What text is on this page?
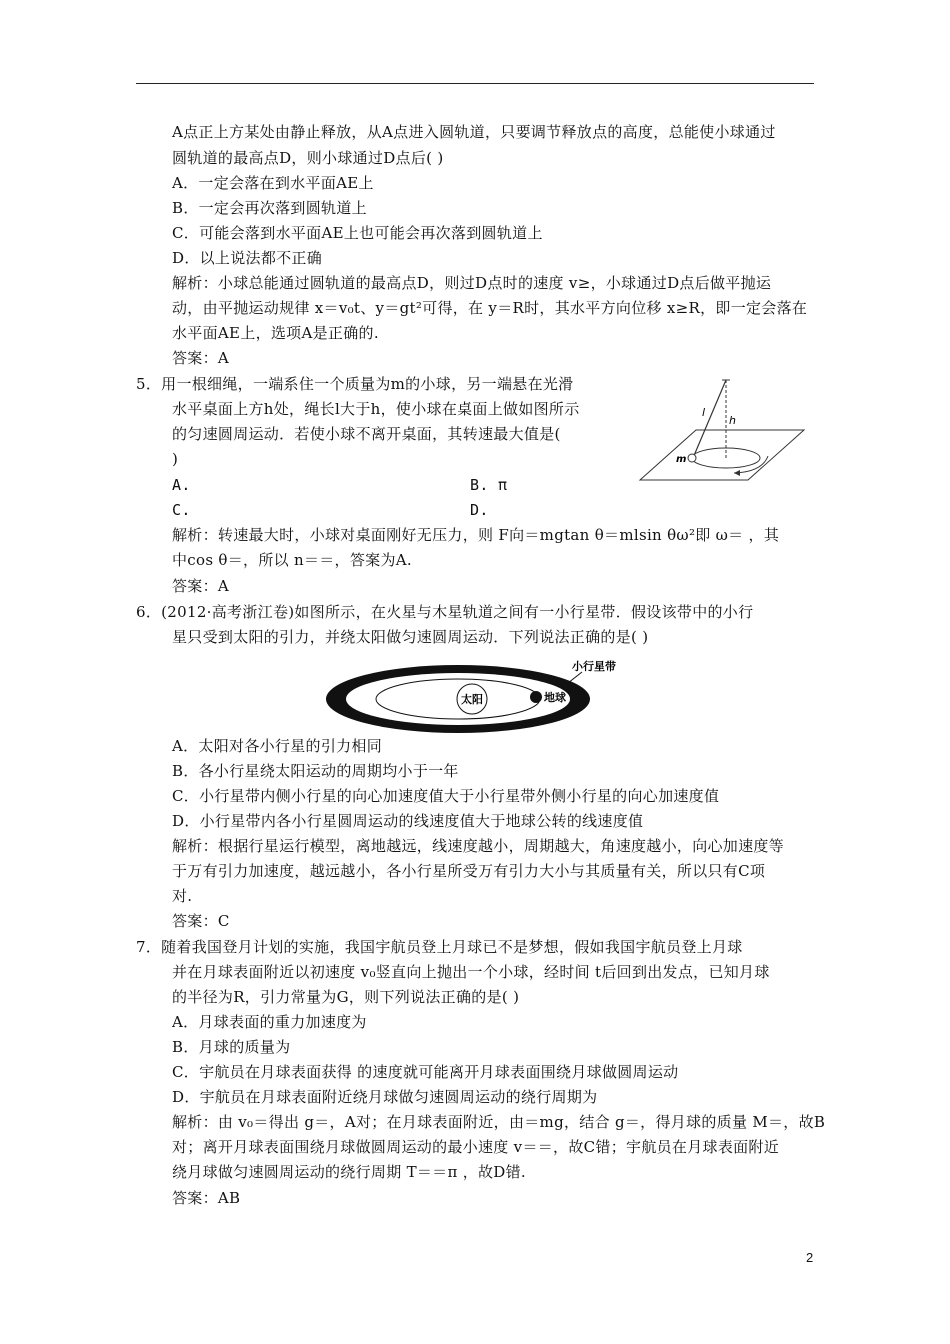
A点正上方某处由静止释放，从A点进入圆轨道，只要调节释放点的高度，总能使小球通过
圆轨道的最高点D，则小球通过D点后( )
A．一定会落在到水平面AE上
B．一定会再次落到圆轨道上
C．可能会落到水平面AE上也可能会再次落到圆轨道上
D．以上说法都不正确
解析：小球总能通过圆轨道的最高点D，则过D点时的速度 v≥，小球通过D点后做平抛运
动，由平抛运动规律 x＝v₀t、y＝gt²可得，在 y＝R时，其水平方向位移 x≥R，即一定会落在
水平面AE上，选项A是正确的.
答案：A
5．用一根细绳，一端系住一个质量为m的小球，另一端悬在光滑
水平桌面上方h处，绳长l大于h，使小球在桌面上做如图所示
的匀速圆周运动．若使小球不离开桌面，其转速最大值是(
)
A.	B. π
C.	D.
解析：转速最大时，小球对桌面刚好无压力，则 F向＝mgtan θ＝mlsin θω²即 ω＝ ，其
中cos θ＝，所以 n＝＝，答案为A.
答案：A
l
h
m
6．(2012·高考浙江卷)如图所示，在火星与木星轨道之间有一小行星带．假设该带中的小行
星只受到太阳的引力，并绕太阳做匀速圆周运动．下列说法正确的是( )
太阳	地球
小行星带
A．太阳对各小行星的引力相同
B．各小行星绕太阳运动的周期均小于一年
C．小行星带内侧小行星的向心加速度值大于小行星带外侧小行星的向心加速度值
D．小行星带内各小行星圆周运动的线速度值大于地球公转的线速度值
解析：根据行星运行模型，离地越远，线速度越小，周期越大，角速度越小，向心加速度等
于万有引力加速度，越远越小，各小行星所受万有引力大小与其质量有关，所以只有C项
对.
答案：C
7．随着我国登月计划的实施，我国宇航员登上月球已不是梦想，假如我国宇航员登上月球
并在月球表面附近以初速度 v₀竖直向上抛出一个小球，经时间 t后回到出发点，已知月球
的半径为R，引力常量为G，则下列说法正确的是( )
A．月球表面的重力加速度为
B．月球的质量为
C．宇航员在月球表面获得 的速度就可能离开月球表面围绕月球做圆周运动
D．宇航员在月球表面附近绕月球做匀速圆周运动的绕行周期为
解析：由 v₀＝得出 g＝，A对；在月球表面附近，由＝mg，结合 g＝，得月球的质量 M＝，故B
对；离开月球表面围绕月球做圆周运动的最小速度 v＝＝，故C错；宇航员在月球表面附近
绕月球做匀速圆周运动的绕行周期 T＝＝π ，故D错.
答案：AB
2
